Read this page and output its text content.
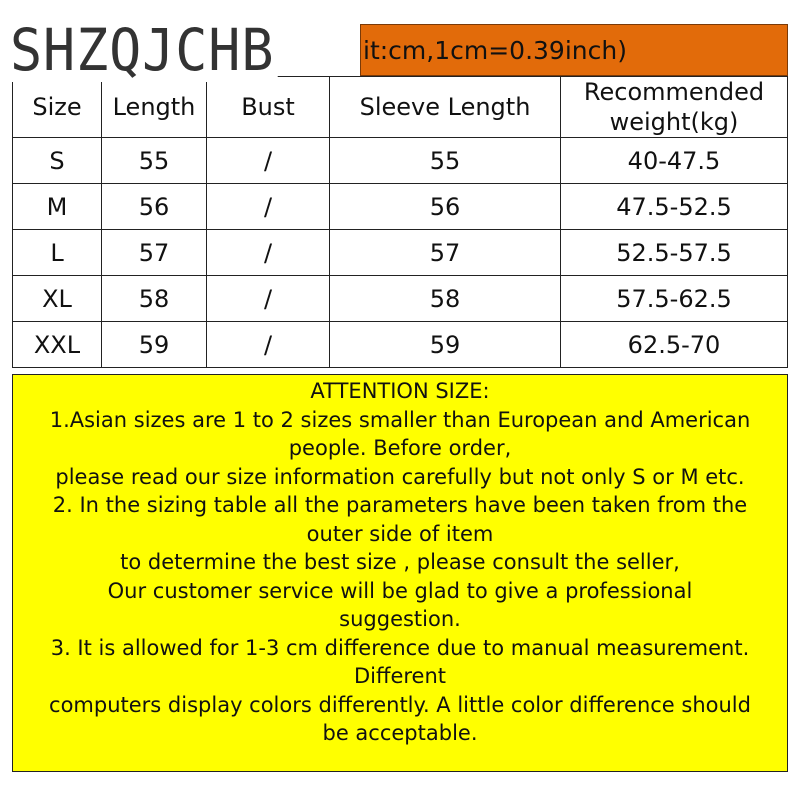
SHZQJCHB	it:cm,1cm=0.39inch)
Size	Length	Bust	Sleeve Length	Recommended weight(kg)
S	55	/	55	40-47.5
M	56	/	56	47.5-52.5
L	57	/	57	52.5-57.5
XL	58	/	58	57.5-62.5
XXL	59	/	59	62.5-70
ATTENTION SIZE:
1.Asian sizes are 1 to 2 sizes smaller than European and American
people. Before order,
please read our size information carefully but not only S or M etc.
2. In the sizing table all the parameters have been taken from the
outer side of item
to determine the best size , please consult the seller,
Our customer service will be glad to give a professional
suggestion.
3. It is allowed for 1-3 cm difference due to manual measurement.
Different
computers display colors differently. A little color difference should
be acceptable.
